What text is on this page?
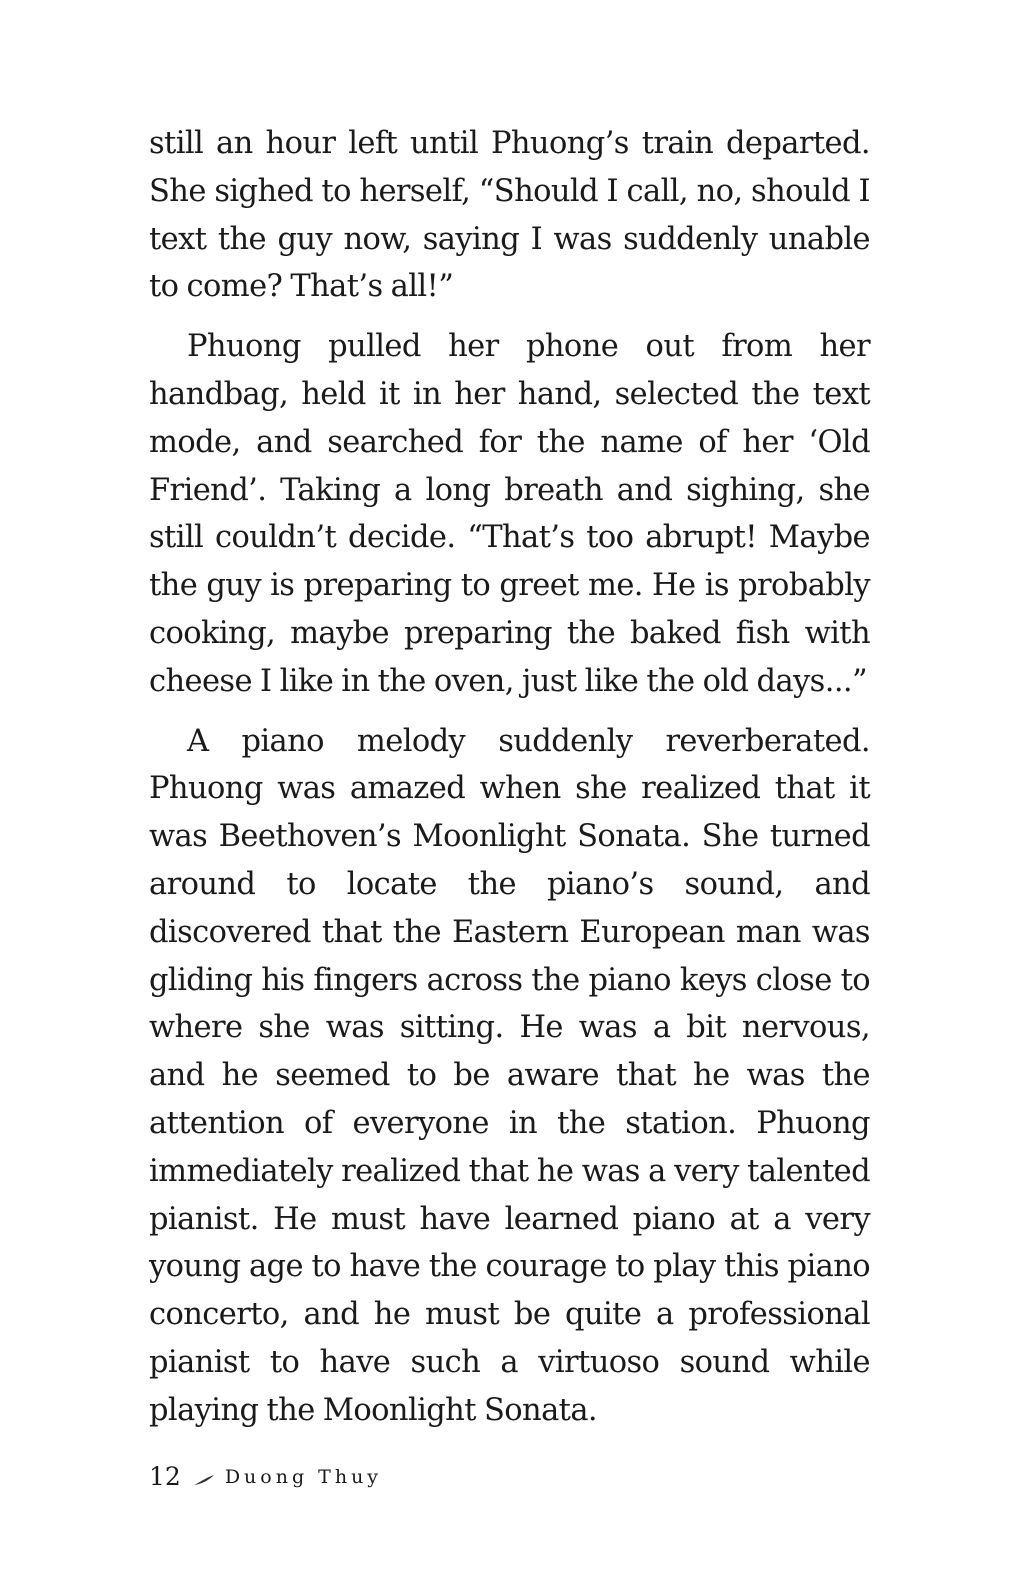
still an hour left until Phuong’s train departed. She sighed to herself, “Should I call, no, should I text the guy now, saying I was suddenly unable to come? That’s all!”

Phuong pulled her phone out from her handbag, held it in her hand, selected the text mode, and searched for the name of her ‘Old Friend’. Taking a long breath and sighing, she still couldn’t decide. “That’s too abrupt! Maybe the guy is preparing to greet me. He is probably cooking, maybe preparing the baked fish with cheese I like in the oven, just like the old days...”

A piano melody suddenly reverberated. Phuong was amazed when she realized that it was Beethoven’s Moonlight Sonata. She turned around to locate the piano’s sound, and discovered that the Eastern European man was gliding his fingers across the piano keys close to where she was sitting. He was a bit nervous, and he seemed to be aware that he was the attention of everyone in the station. Phuong immediately realized that he was a very talented pianist. He must have learned piano at a very young age to have the courage to play this piano concerto, and he must be quite a professional pianist to have such a virtuoso sound while playing the Moonlight Sonata.

12 Duong Thuy
